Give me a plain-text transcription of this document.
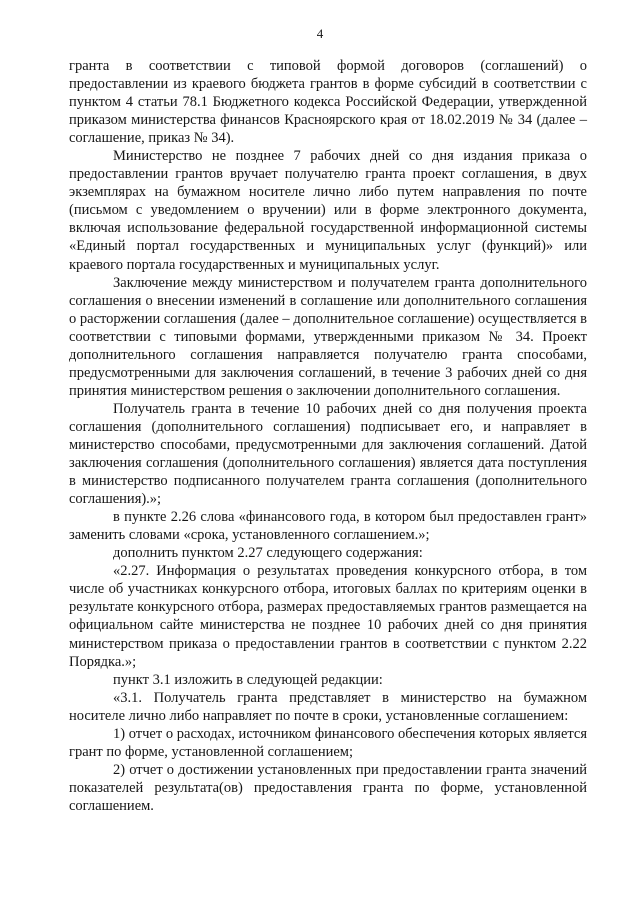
4

гранта в соответствии с типовой формой договоров (соглашений) о предоставлении из краевого бюджета грантов в форме субсидий в соответствии с пунктом 4 статьи 78.1 Бюджетного кодекса Российской Федерации, утвержденной приказом министерства финансов Красноярского края от 18.02.2019 № 34 (далее – соглашение, приказ № 34).

Министерство не позднее 7 рабочих дней со дня издания приказа о предоставлении грантов вручает получателю гранта проект соглашения, в двух экземплярах на бумажном носителе лично либо путем направления по почте (письмом с уведомлением о вручении) или в форме электронного документа, включая использование федеральной государственной информационной системы «Единый портал государственных и муниципальных услуг (функций)» или краевого портала государственных и муниципальных услуг.

Заключение между министерством и получателем гранта дополнительного соглашения о внесении изменений в соглашение или дополнительного соглашения о расторжении соглашения (далее – дополнительное соглашение) осуществляется в соответствии с типовыми формами, утвержденными приказом № 34. Проект дополнительного соглашения направляется получателю гранта способами, предусмотренными для заключения соглашений, в течение 3 рабочих дней со дня принятия министерством решения о заключении дополнительного соглашения.

Получатель гранта в течение 10 рабочих дней со дня получения проекта соглашения (дополнительного соглашения) подписывает его, и направляет в министерство способами, предусмотренными для заключения соглашений. Датой заключения соглашения (дополнительного соглашения) является дата поступления в министерство подписанного получателем гранта соглашения (дополнительного соглашения).»;

в пункте 2.26 слова «финансового года, в котором был предоставлен грант» заменить словами «срока, установленного соглашением.»;

дополнить пунктом 2.27 следующего содержания:

«2.27. Информация о результатах проведения конкурсного отбора, в том числе об участниках конкурсного отбора, итоговых баллах по критериям оценки в результате конкурсного отбора, размерах предоставляемых грантов размещается на официальном сайте министерства не позднее 10 рабочих дней со дня принятия министерством приказа о предоставлении грантов в соответствии с пунктом 2.22 Порядка.»;

пункт 3.1 изложить в следующей редакции:

«3.1. Получатель гранта представляет в министерство на бумажном носителе лично либо направляет по почте в сроки, установленные соглашением:

1) отчет о расходах, источником финансового обеспечения которых является грант по форме, установленной соглашением;

2) отчет о достижении установленных при предоставлении гранта значений показателей результата(ов) предоставления гранта по форме, установленной соглашением.
